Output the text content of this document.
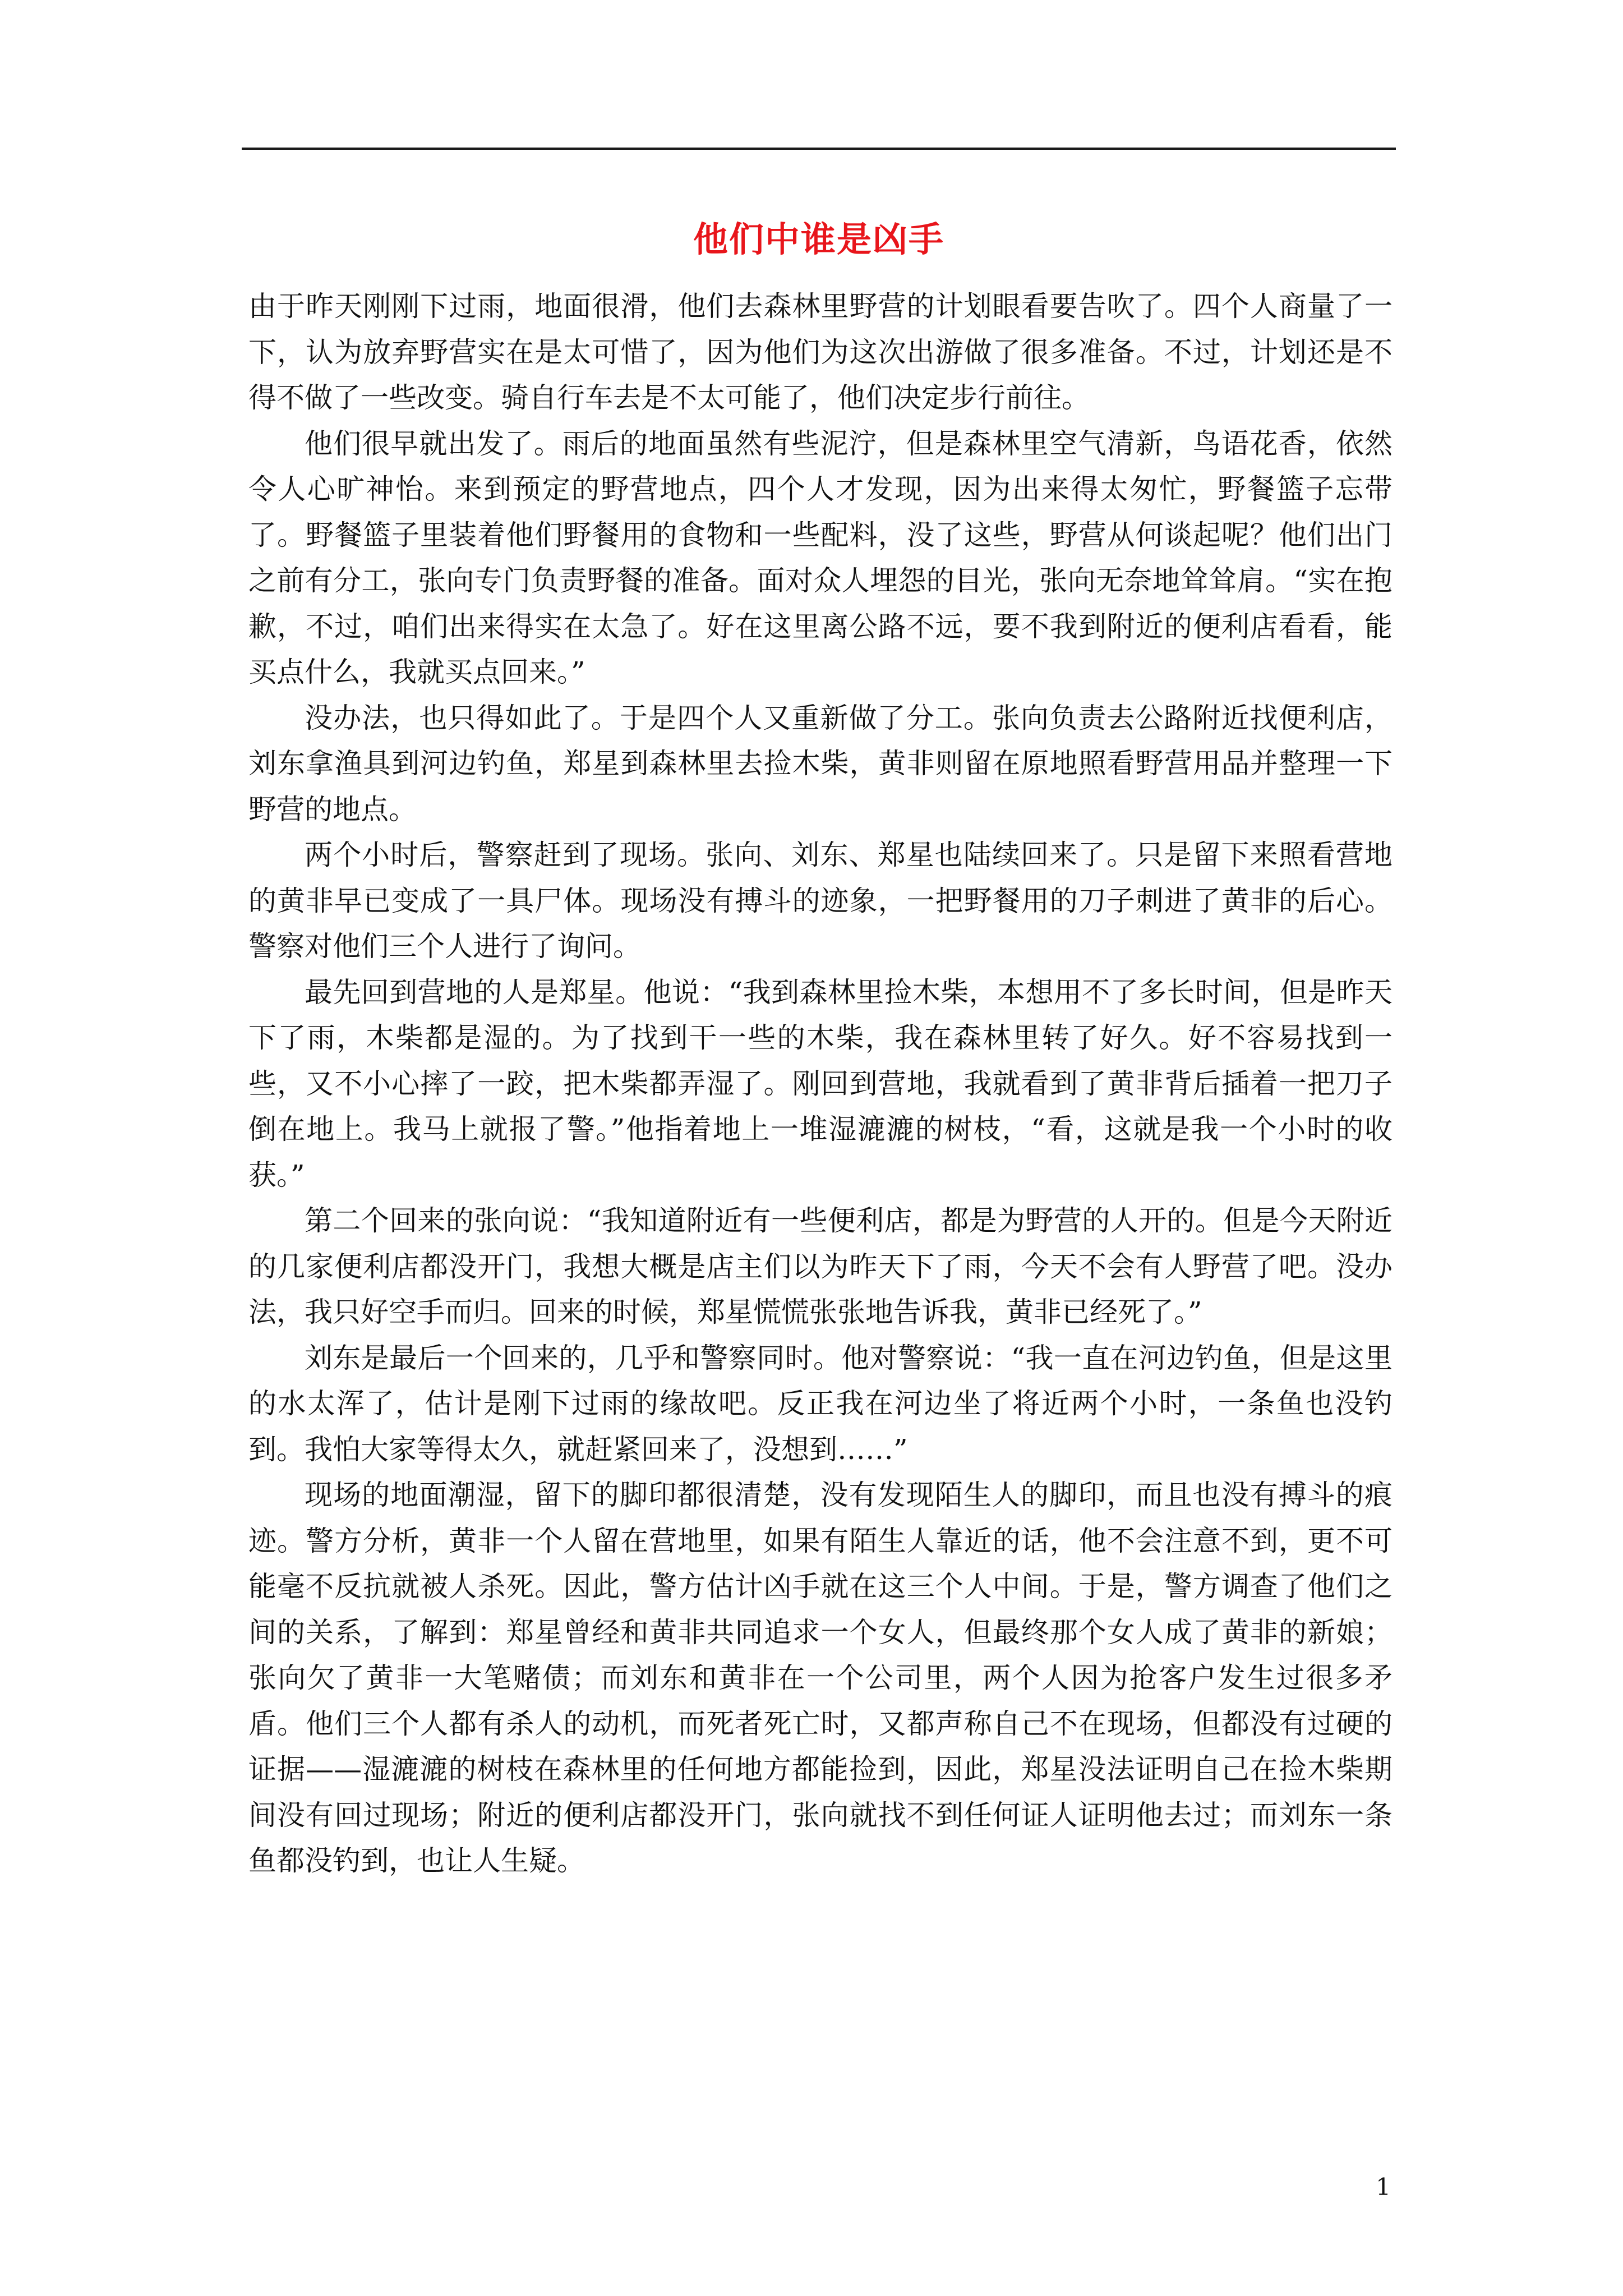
他们中谁是凶手

由于昨天刚刚下过雨，地面很滑，他们去森林里野营的计划眼看要告吹了。四个人商量了一下，认为放弃野营实在是太可惜了，因为他们为这次出游做了很多准备。不过，计划还是不得不做了一些改变。骑自行车去是不太可能了，他们决定步行前往。

他们很早就出发了。雨后的地面虽然有些泥泞，但是森林里空气清新，鸟语花香，依然令人心旷神怡。来到预定的野营地点，四个人才发现，因为出来得太匆忙，野餐篮子忘带了。野餐篮子里装着他们野餐用的食物和一些配料，没了这些，野营从何谈起呢？他们出门之前有分工，张向专门负责野餐的准备。面对众人埋怨的目光，张向无奈地耸耸肩。“实在抱歉，不过，咱们出来得实在太急了。好在这里离公路不远，要不我到附近的便利店看看，能买点什么，我就买点回来。”

没办法，也只得如此了。于是四个人又重新做了分工。张向负责去公路附近找便利店，刘东拿渔具到河边钓鱼，郑星到森林里去捡木柴，黄非则留在原地照看野营用品并整理一下野营的地点。

两个小时后，警察赶到了现场。张向、刘东、郑星也陆续回来了。只是留下来照看营地的黄非早已变成了一具尸体。现场没有搏斗的迹象，一把野餐用的刀子刺进了黄非的后心。警察对他们三个人进行了询问。

最先回到营地的人是郑星。他说：“我到森林里捡木柴，本想用不了多长时间，但是昨天下了雨，木柴都是湿的。为了找到干一些的木柴，我在森林里转了好久。好不容易找到一些，又不小心摔了一跤，把木柴都弄湿了。刚回到营地，我就看到了黄非背后插着一把刀子倒在地上。我马上就报了警。”他指着地上一堆湿漉漉的树枝，“看，这就是我一个小时的收获。”

第二个回来的张向说：“我知道附近有一些便利店，都是为野营的人开的。但是今天附近的几家便利店都没开门，我想大概是店主们以为昨天下了雨，今天不会有人野营了吧。没办法，我只好空手而归。回来的时候，郑星慌慌张张地告诉我，黄非已经死了。”

刘东是最后一个回来的，几乎和警察同时。他对警察说：“我一直在河边钓鱼，但是这里的水太浑了，估计是刚下过雨的缘故吧。反正我在河边坐了将近两个小时，一条鱼也没钓到。我怕大家等得太久，就赶紧回来了，没想到……”

现场的地面潮湿，留下的脚印都很清楚，没有发现陌生人的脚印，而且也没有搏斗的痕迹。警方分析，黄非一个人留在营地里，如果有陌生人靠近的话，他不会注意不到，更不可能毫不反抗就被人杀死。因此，警方估计凶手就在这三个人中间。于是，警方调查了他们之间的关系，了解到：郑星曾经和黄非共同追求一个女人，但最终那个女人成了黄非的新娘；张向欠了黄非一大笔赌债；而刘东和黄非在一个公司里，两个人因为抢客户发生过很多矛盾。他们三个人都有杀人的动机，而死者死亡时，又都声称自己不在现场，但都没有过硬的证据——湿漉漉的树枝在森林里的任何地方都能捡到，因此，郑星没法证明自己在捡木柴期间没有回过现场；附近的便利店都没开门，张向就找不到任何证人证明他去过；而刘东一条鱼都没钓到，也让人生疑。

1
